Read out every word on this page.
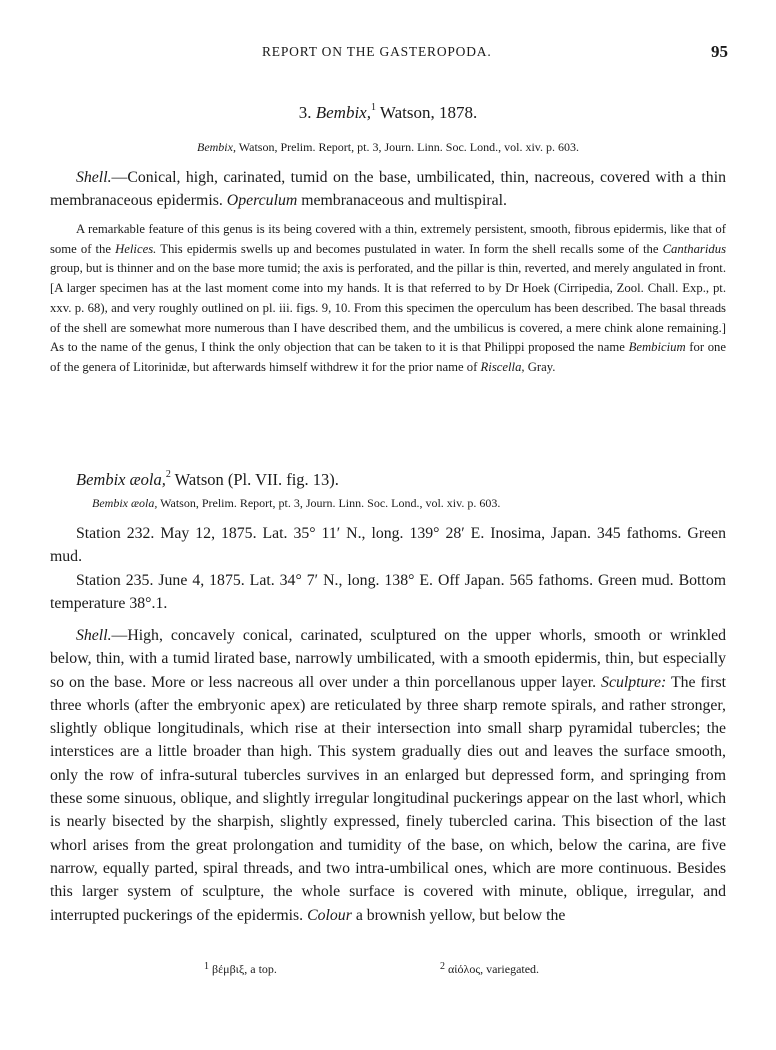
REPORT ON THE GASTEROPODA.	95
3. Bembix,$^1$ Watson, 1878.
Bembix, Watson, Prelim. Report, pt. 3, Journ. Linn. Soc. Lond., vol. xiv. p. 603.
Shell.—Conical, high, carinated, tumid on the base, umbilicated, thin, nacreous, covered with a thin membranaceous epidermis. Operculum membranaceous and multispiral.
A remarkable feature of this genus is its being covered with a thin, extremely persistent, smooth, fibrous epidermis, like that of some of the Helices. This epidermis swells up and becomes pustulated in water. In form the shell recalls some of the Cantharidus group, but is thinner and on the base more tumid; the axis is perforated, and the pillar is thin, reverted, and merely angulated in front. [A larger specimen has at the last moment come into my hands. It is that referred to by Dr Hoek (Cirripedia, Zool. Chall. Exp., pt. xxv. p. 68), and very roughly outlined on pl. iii. figs. 9, 10. From this specimen the operculum has been described. The basal threads of the shell are somewhat more numerous than I have described them, and the umbilicus is covered, a mere chink alone remaining.] As to the name of the genus, I think the only objection that can be taken to it is that Philippi proposed the name Bembicium for one of the genera of Litorinidæ, but afterwards himself withdrew it for the prior name of Riscella, Gray.
Bembix æola,$^2$ Watson (Pl. VII. fig. 13).
Bembix æola, Watson, Prelim. Report, pt. 3, Journ. Linn. Soc. Lond., vol. xiv. p. 603.
Station 232. May 12, 1875. Lat. 35° 11′ N., long. 139° 28′ E. Inosima, Japan. 345 fathoms. Green mud.
Station 235. June 4, 1875. Lat. 34° 7′ N., long. 138° E. Off Japan. 565 fathoms. Green mud. Bottom temperature 38°.1.
Shell.—High, concavely conical, carinated, sculptured on the upper whorls, smooth or wrinkled below, thin, with a tumid lirated base, narrowly umbilicated, with a smooth epidermis, thin, but especially so on the base. More or less nacreous all over under a thin porcellanous upper layer. Sculpture: The first three whorls (after the embryonic apex) are reticulated by three sharp remote spirals, and rather stronger, slightly oblique longitudinals, which rise at their intersection into small sharp pyramidal tubercles; the interstices are a little broader than high. This system gradually dies out and leaves the surface smooth, only the row of infra-sutural tubercles survives in an enlarged but depressed form, and springing from these some sinuous, oblique, and slightly irregular longitudinal puckerings appear on the last whorl, which is nearly bisected by the sharpish, slightly expressed, finely tubercled carina. This bisection of the last whorl arises from the great prolongation and tumidity of the base, on which, below the carina, are five narrow, equally parted, spiral threads, and two intra-umbilical ones, which are more continuous. Besides this larger system of sculpture, the whole surface is covered with minute, oblique, irregular, and interrupted puckerings of the epidermis. Colour a brownish yellow, but below the
$^1$ βέμβιξ, a top.	$^2$ αἰόλος, variegated.
